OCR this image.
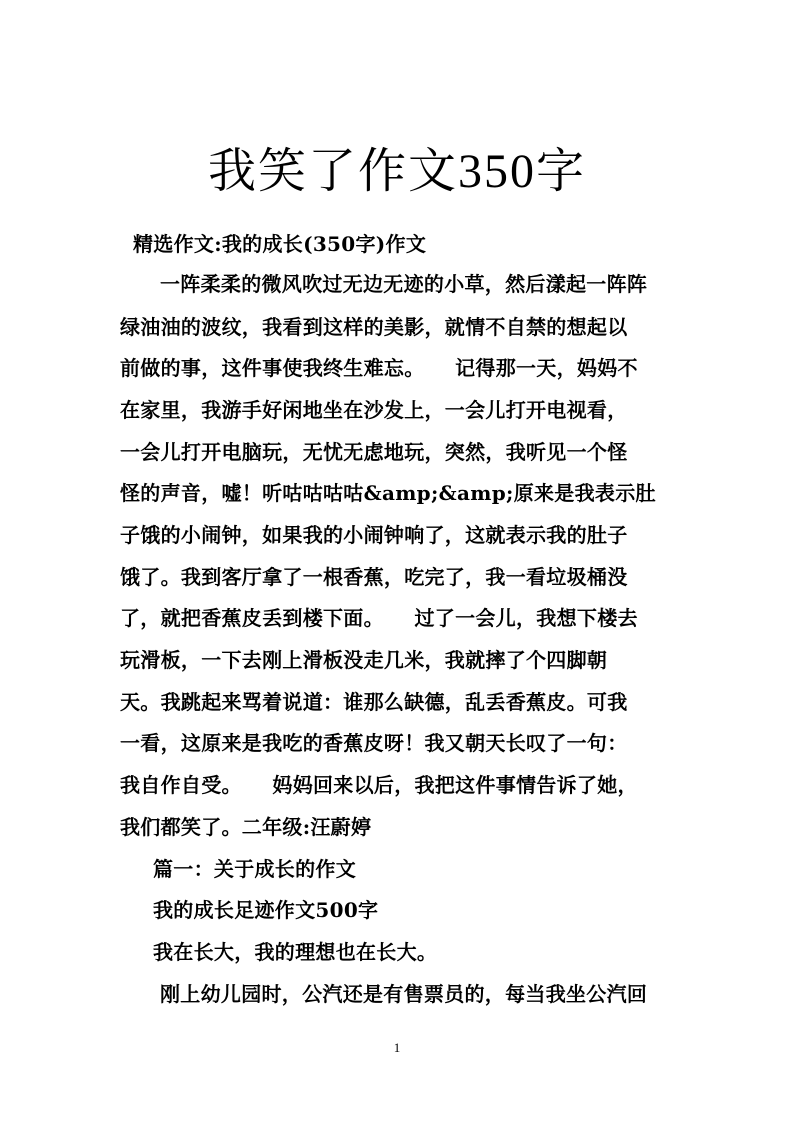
我笑了作文350字
精选作文:我的成长(350字)作文
一阵柔柔的微风吹过无边无迹的小草，然后漾起一阵阵
绿油油的波纹，我看到这样的美影，就情不自禁的想起以
前做的事，这件事使我终生难忘。　　记得那一天，妈妈不
在家里，我游手好闲地坐在沙发上，一会儿打开电视看，
一会儿打开电脑玩，无忧无虑地玩，突然，我听见一个怪
怪的声音，嘘！听咕咕咕咕&amp;&amp;原来是我表示肚
子饿的小闹钟，如果我的小闹钟响了，这就表示我的肚子
饿了。我到客厅拿了一根香蕉，吃完了，我一看垃圾桶没
了，就把香蕉皮丢到楼下面。　　过了一会儿，我想下楼去
玩滑板，一下去刚上滑板没走几米，我就摔了个四脚朝
天。我跳起来骂着说道：谁那么缺德，乱丢香蕉皮。可我
一看，这原来是我吃的香蕉皮呀！我又朝天长叹了一句：
我自作自受。　　妈妈回来以后，我把这件事情告诉了她，
我们都笑了。二年级:汪蔚婷
篇一：关于成长的作文
我的成长足迹作文500字
我在长大，我的理想也在长大。
刚上幼儿园时，公汽还是有售票员的，每当我坐公汽回
1
